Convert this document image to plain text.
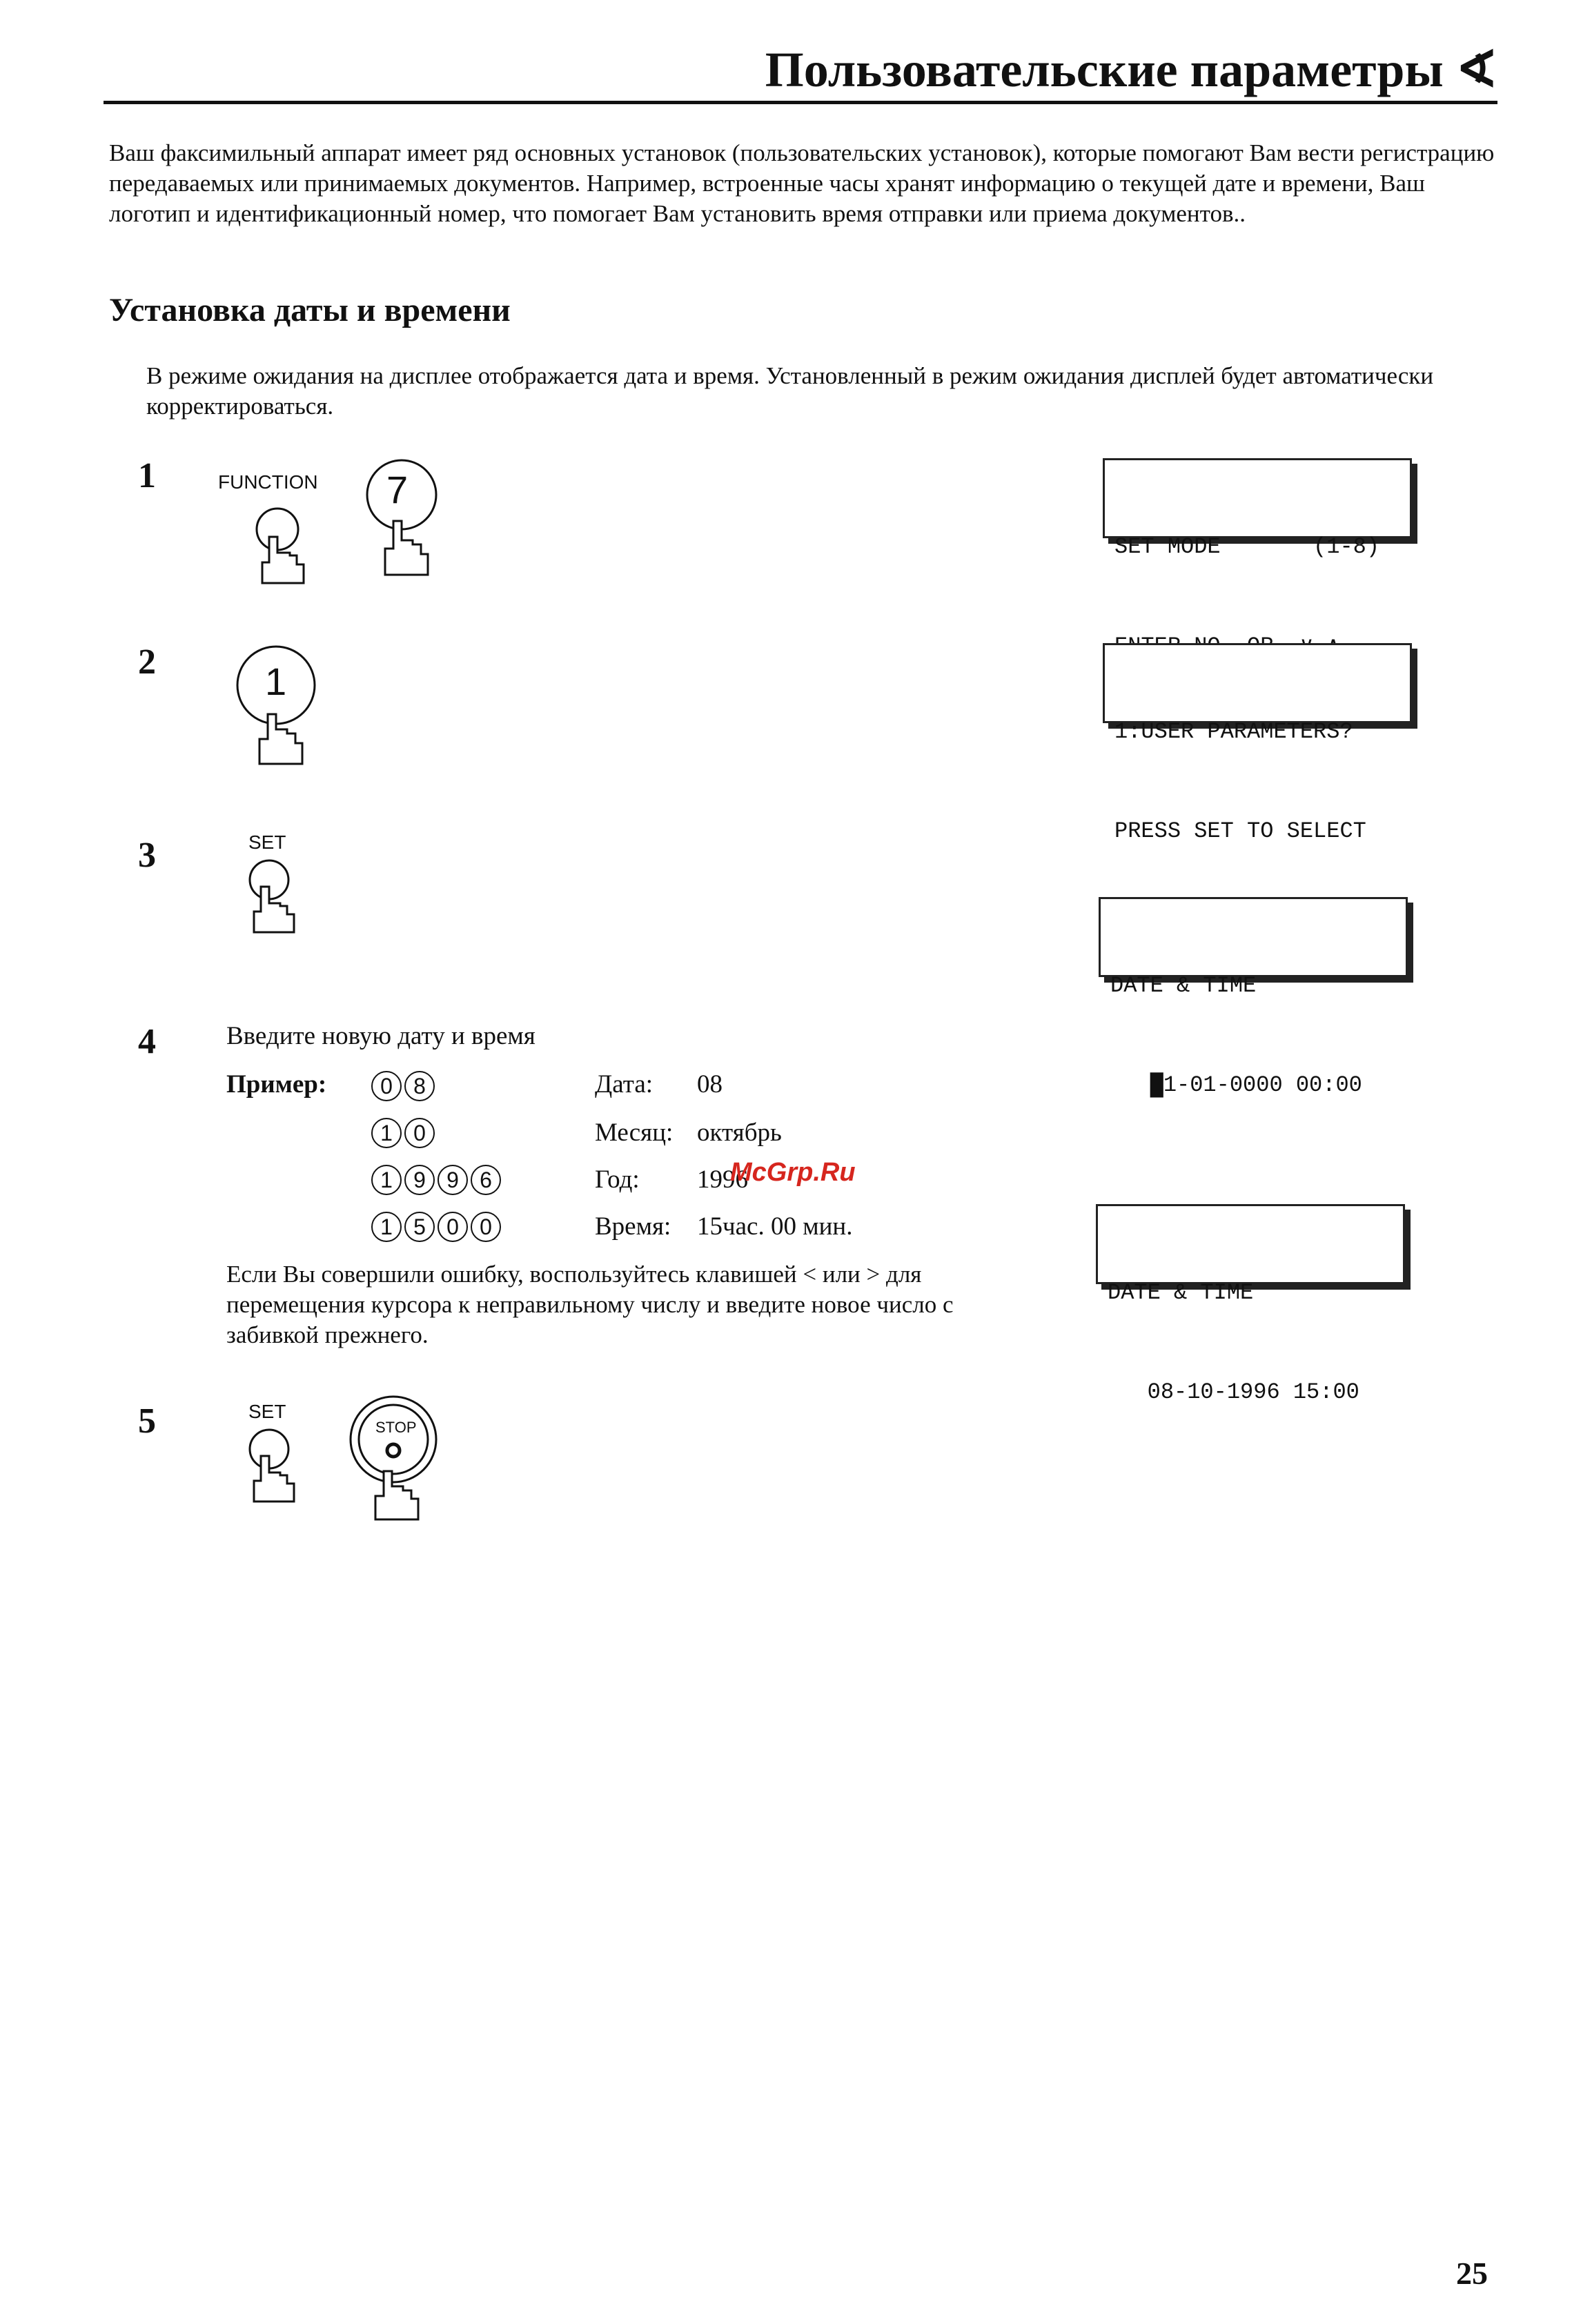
Пользовательские параметры ∢
Ваш факсимильный аппарат имеет ряд основных установок (пользовательских установок), которые помогают Вам вести регистрацию передаваемых или принимаемых документов. Например, встроенные часы хранят информацию о текущей дате и времени, Ваш логотип и идентификационный номер, что помогает Вам установить время отправки или приема документов..
Установка даты и времени
В режиме ожидания на дисплее отображается дата и время. Установленный в режим ожидания дисплей будет автоматически корректироваться.
1	FUNCTION 7

SET MODE       (1-8)

2	1

1:USER PARAMETERS?

PRESS SET TO SELECT

3	SET

DATE & TIME

█1-01-0000 00:00

4	Введите новую дату и время
Пример:	0 8	Дата: 08
1 0	Месяц: октябрь
1 9 9 6	Год: 1996
1 5 0 0	Время: 15час. 00 мин.
McGrp.Ru

DATE & TIME

08-10-1996 15:00

Если Вы совершили ошибку, воспользуйтесь клавишей < или > для перемещения курсора к неправильному числу и введите новое число с забивкой прежнего.
5	SET
STOP
25
